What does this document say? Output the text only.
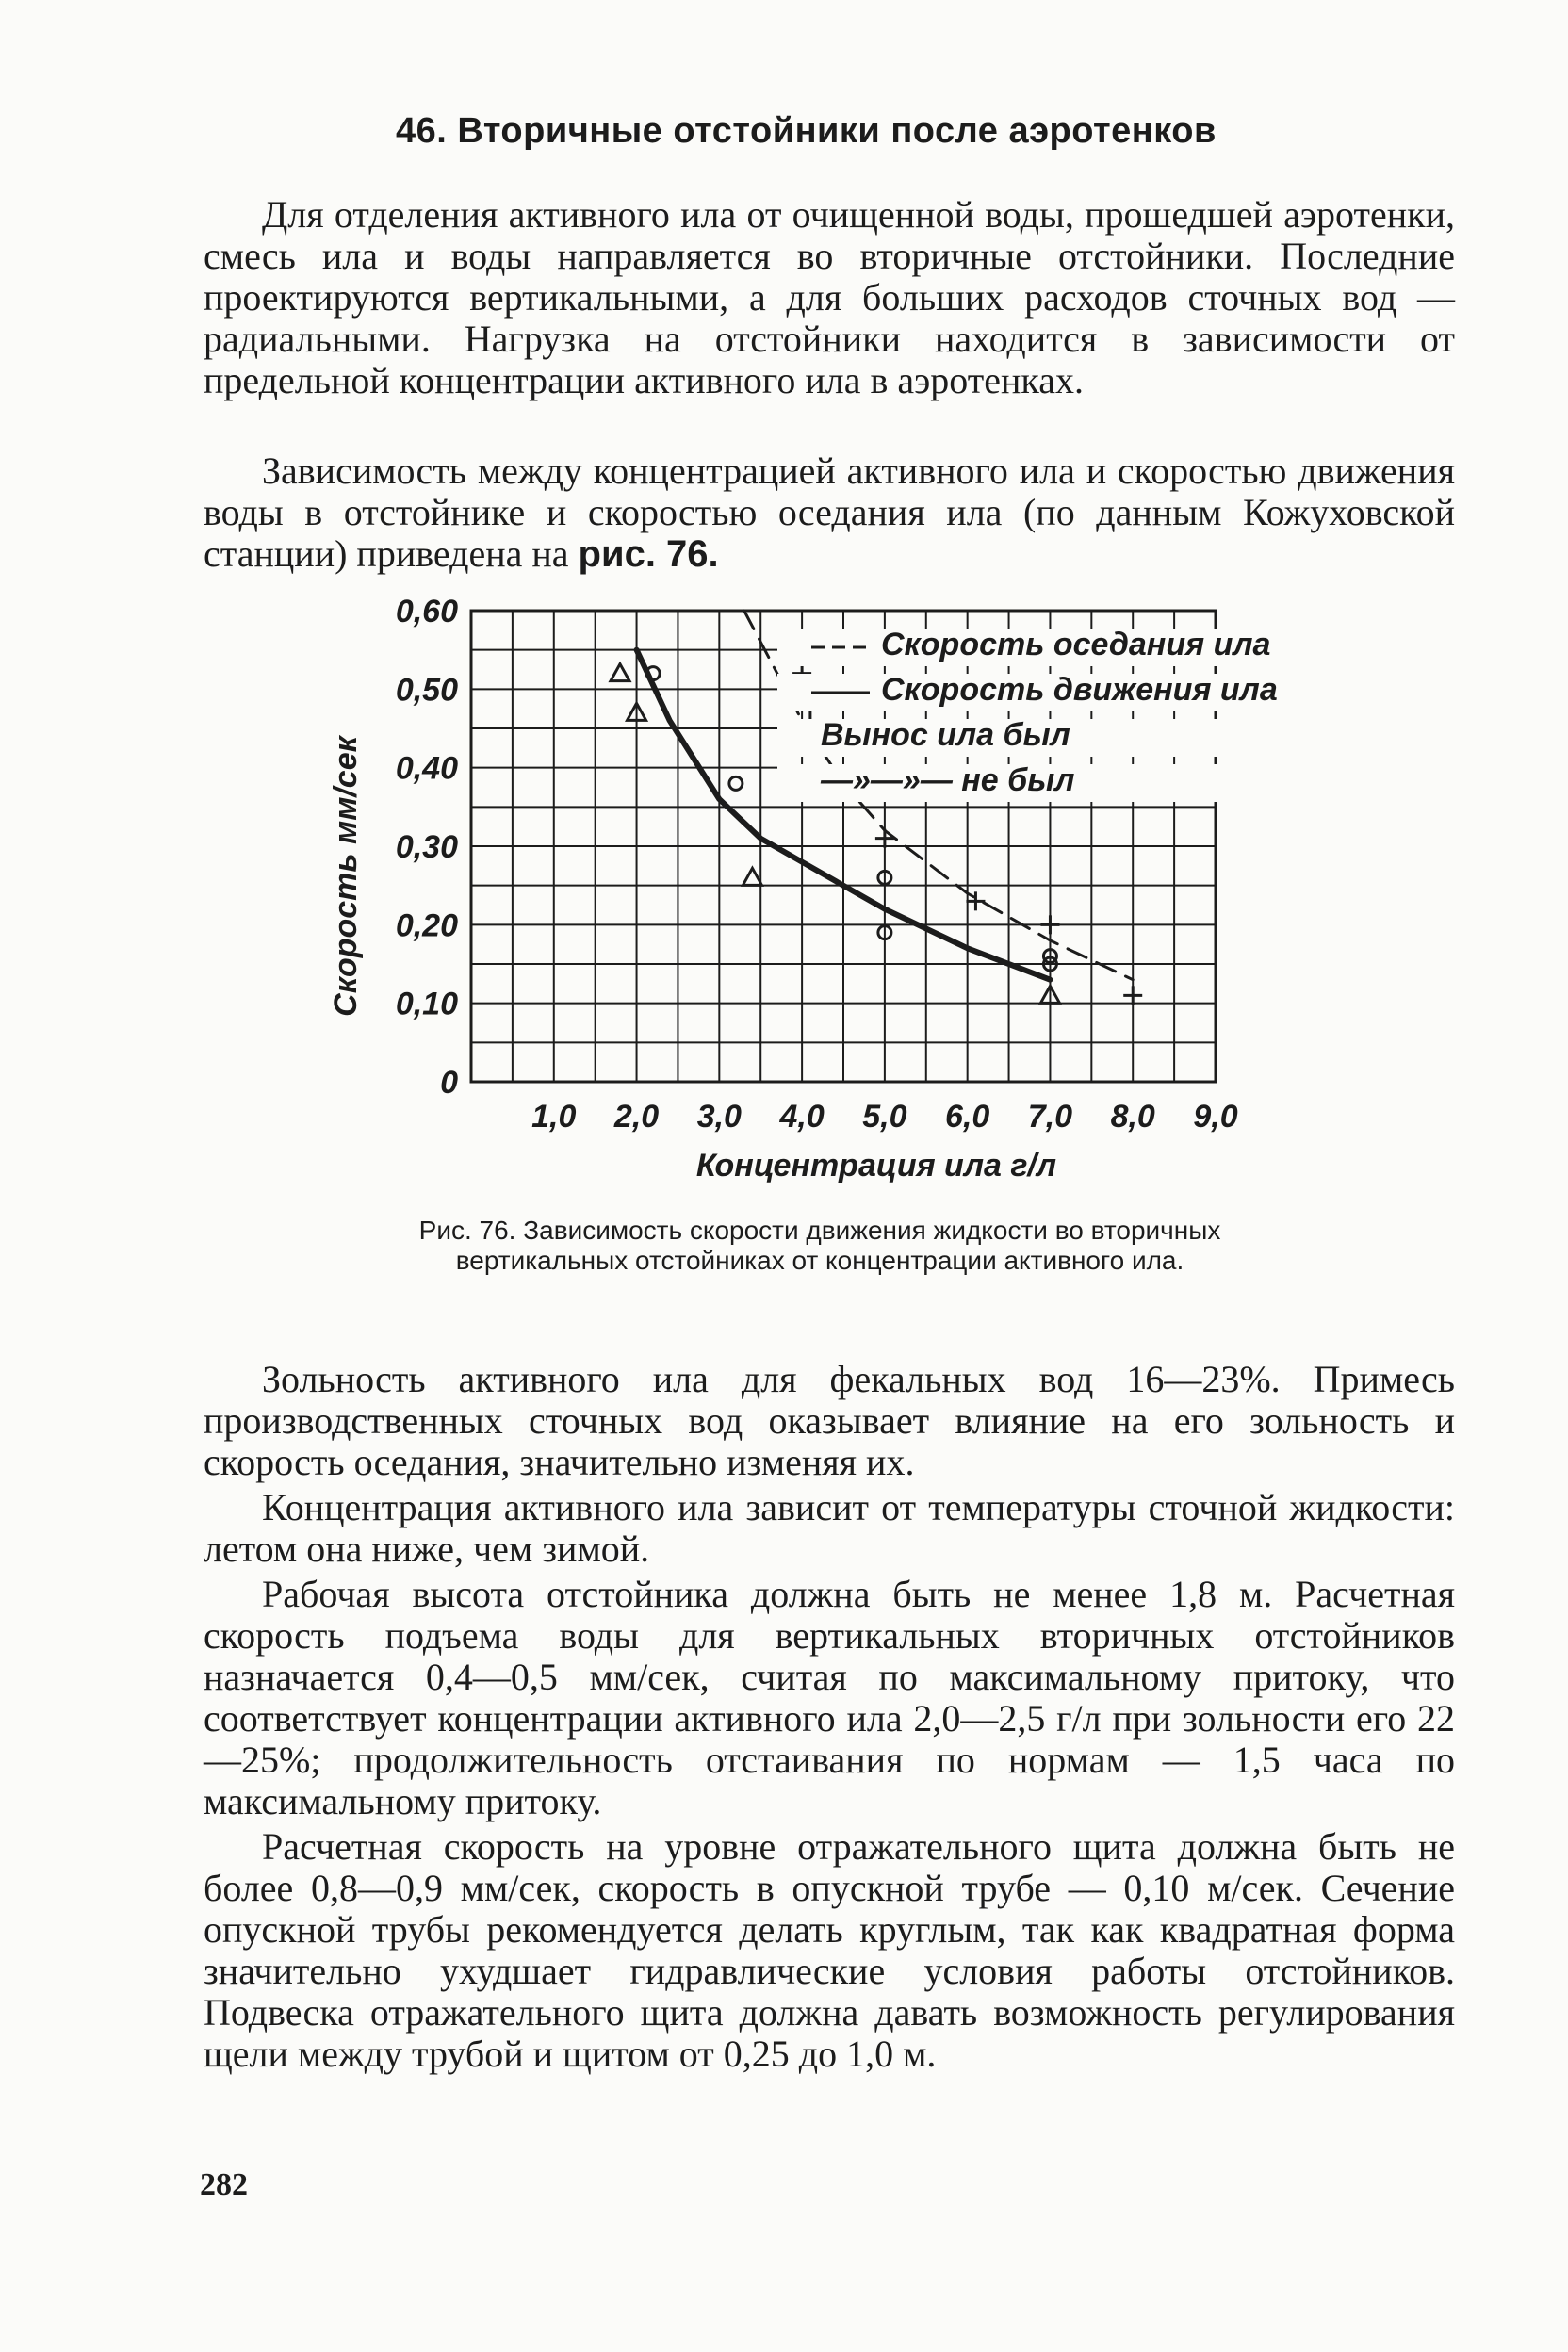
46. Вторичные отстойники после аэротенков

Для отделения активного ила от очищенной воды, прошедшей аэротенки, смесь ила и воды направляется во вторичные отстойники. Последние проектируются вертикальными, а для больших расходов сточных вод — радиальными. Нагрузка на отстойники находится в зависимости от предельной концентрации активного ила в аэротенках.

Зависимость между концентрацией активного ила и скоростью движения воды в отстойнике и скоростью оседания ила (по данным Кожуховской станции) приведена на рис. 76.

0
0,10
0,20
0,30
0,40
0,50
0,60
1,0 2,0 3,0 4,0 5,0 6,0 7,0 8,0 9,0
Скорость оседания ила
Скорость движения ила
Вынос ила был
—»—»— не был
Скорость мм/сек
Концентрация ила г/л
Рис. 76. Зависимость скорости движения жидкости во вторичных вертикальных отстойниках от концентрации активного ила.

Зольность активного ила для фекальных вод 16—23%. Примесь производственных сточных вод оказывает влияние на его зольность и скорость оседания, значительно изменяя их.

Концентрация активного ила зависит от температуры сточной жидкости: летом она ниже, чем зимой.

Рабочая высота отстойника должна быть не менее 1,8 м. Расчетная скорость подъема воды для вертикальных вторичных отстойников назначается 0,4—0,5 мм/сек, считая по максимальному притоку, что соответствует концентрации активного ила 2,0—2,5 г/л при зольности его 22—25%; продолжительность отстаивания по нормам — 1,5 часа по максимальному притоку.

Расчетная скорость на уровне отражательного щита должна быть не более 0,8—0,9 мм/сек, скорость в опускной трубе — 0,10 м/сек. Сечение опускной трубы рекомендуется делать круглым, так как квадратная форма значительно ухудшает гидравлические условия работы отстойников. Подвеска отражательного щита должна давать возможность регулирования щели между трубой и щитом от 0,25 до 1,0 м.

282
